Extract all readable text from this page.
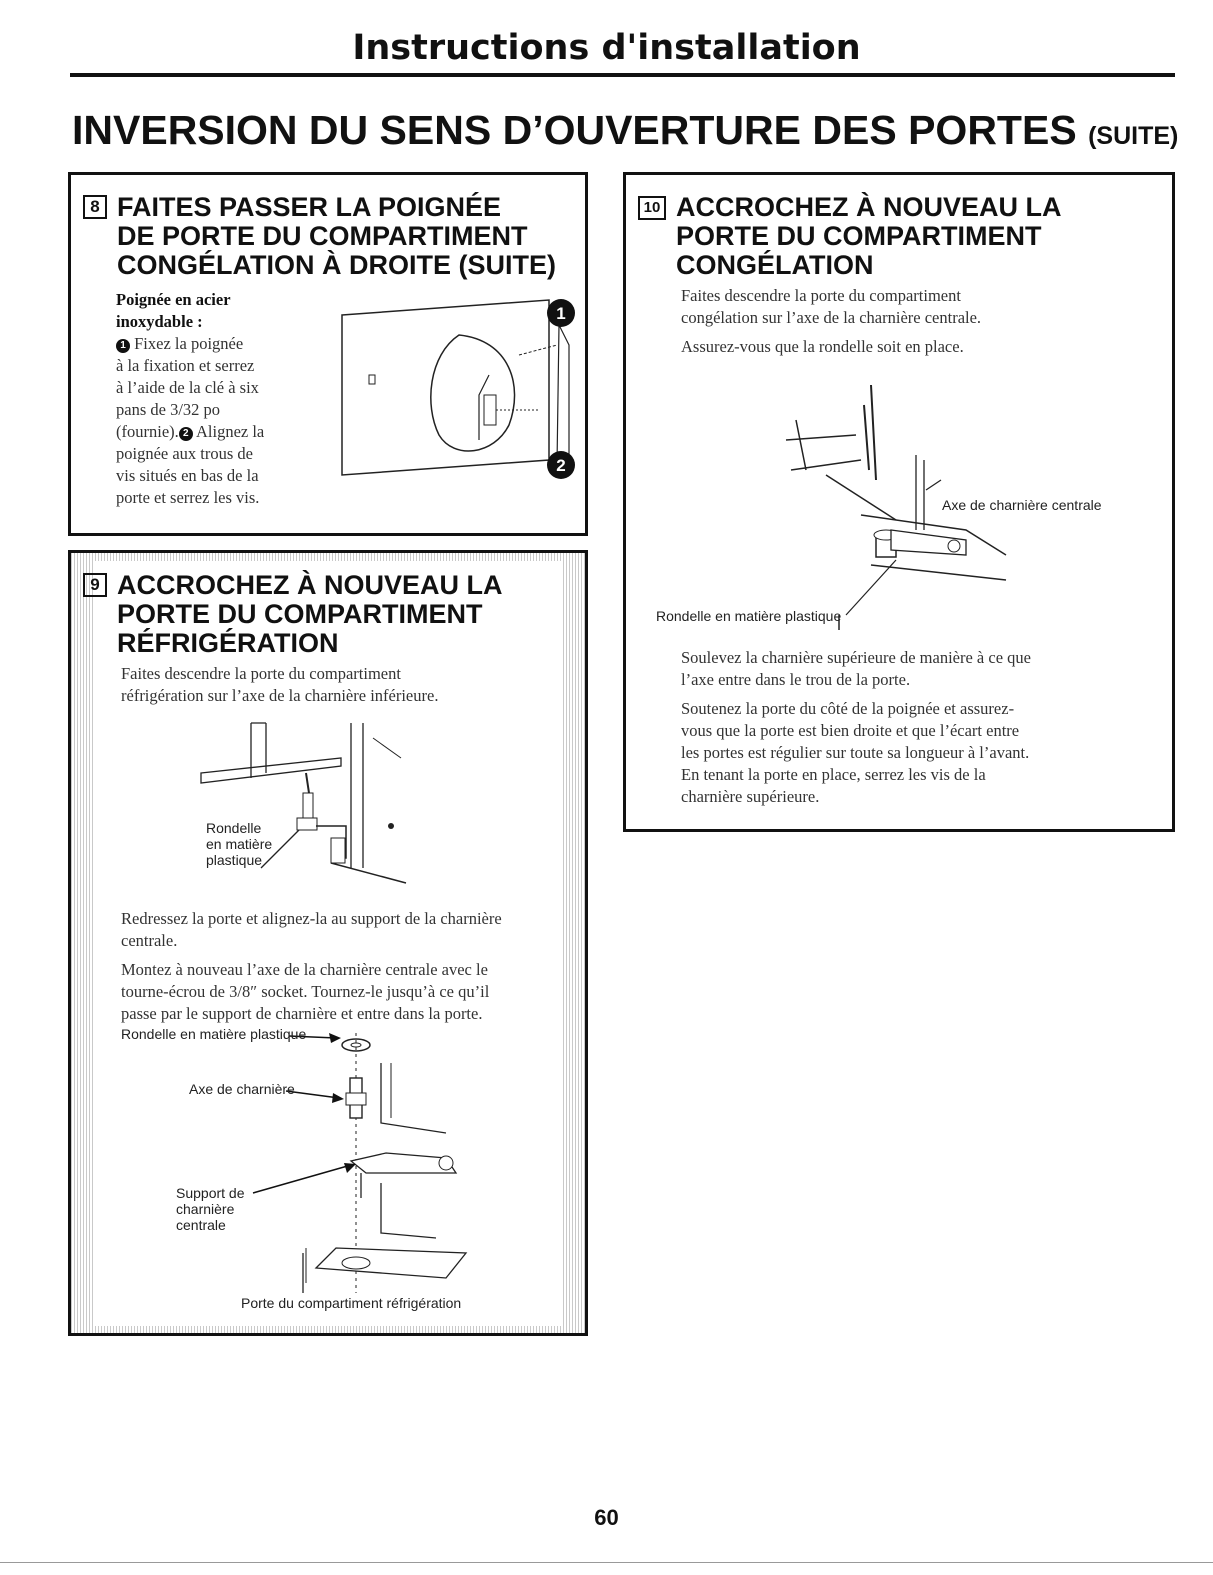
Instructions d'installation
INVERSION DU SENS D’OUVERTURE DES PORTES (SUITE)
8 FAITES PASSER LA POIGNÉE
DE PORTE DU COMPARTIMENT
CONGÉLATION À DROITE (SUITE)
Poignée en acier
inoxydable :
1 Fixez la poignée
à la fixation et serrez
à l’aide de la clé à six
pans de 3/32 po
(fournie). 2 Alignez la
poignée aux trous de
vis situés en bas de la
porte et serrez les vis.
1
2
9 ACCROCHEZ À NOUVEAU LA
PORTE DU COMPARTIMENT
RÉFRIGÉRATION
Faites descendre la porte du compartiment
réfrigération sur l’axe de la charnière inférieure.
Rondelle
en matière
plastique

Redressez la porte et alignez-la au support de la charnière
centrale.

Montez à nouveau l’axe de la charnière centrale avec le
tourne-écrou de 3/8″ socket. Tournez-le jusqu’à ce qu’il
passe par le support de charnière et entre dans la porte.

Rondelle en matière plastique
Axe de charnière
Support de
charnière
centrale
Porte du compartiment réfrigération
10 ACCROCHEZ À NOUVEAU LA
PORTE DU COMPARTIMENT
CONGÉLATION

Faites descendre la porte du compartiment
congélation sur l’axe de la charnière centrale.

Assurez-vous que la rondelle soit en place.

Axe de charnière centrale
Rondelle en matière plastique

Soulevez la charnière supérieure de manière à ce que
l’axe entre dans le trou de la porte.

Soutenez la porte du côté de la poignée et assurez-
vous que la porte est bien droite et que l’écart entre
les portes est régulier sur toute sa longueur à l’avant.
En tenant la porte en place, serrez les vis de la
charnière supérieure.

60
